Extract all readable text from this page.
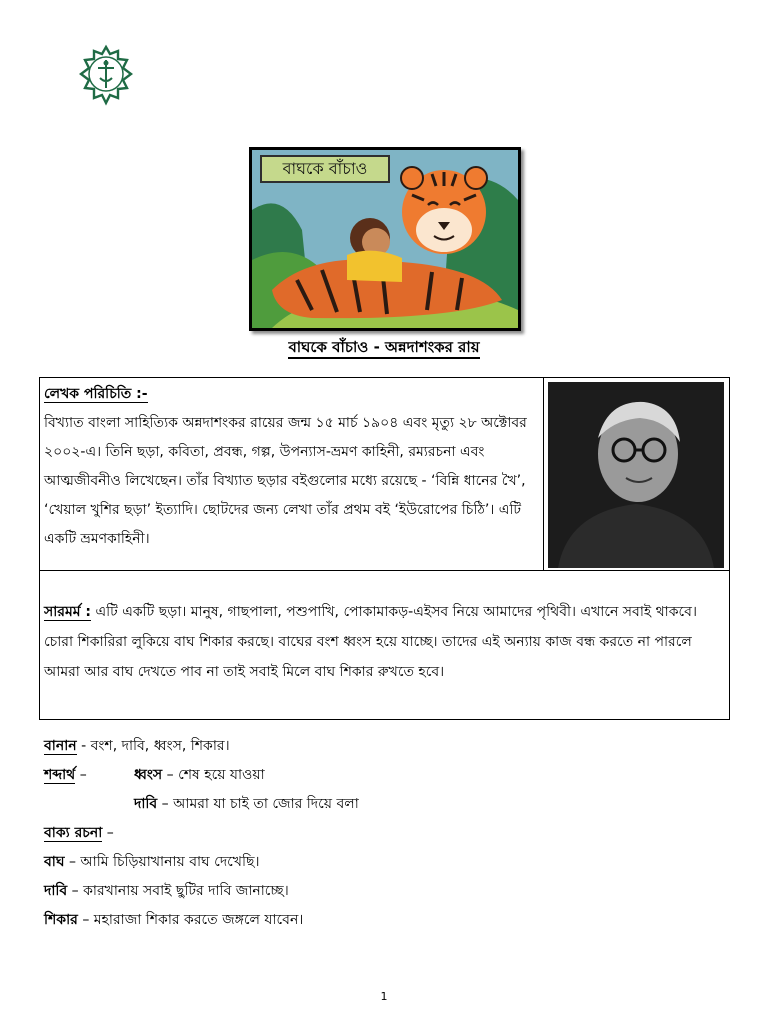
বাঘকে বাঁচাও
বাঘকে বাঁচাও - অন্নদাশংকর রায়
লেখক পরিচিতি :-
বিখ্যাত বাংলা সাহিত্যিক অন্নদাশংকর রায়ের জন্ম ১৫ মার্চ ১৯০৪ এবং মৃত্যু ২৮ অক্টোবর ২০০২-এ। তিনি ছড়া, কবিতা, প্রবন্ধ, গল্প, উপন্যাস-ভ্রমণ কাহিনী, রম্যরচনা এবং আত্মজীবনীও লিখেছেন। তাঁর বিখ্যাত ছড়ার বইগুলোর মধ্যে রয়েছে - ‘বিন্নি ধানের খৈ’, ‘খেয়াল খুশির ছড়া’ ইত্যাদি। ছোটদের জন্য লেখা তাঁর প্রথম বই ‘ইউরোপের চিঠি’। এটি একটি ভ্রমণকাহিনী।
সারমর্ম : এটি একটি ছড়া। মানুষ, গাছপালা, পশুপাখি, পোকামাকড়-এইসব নিয়ে আমাদের পৃথিবী। এখানে সবাই থাকবে। চোরা শিকারিরা লুকিয়ে বাঘ শিকার করছে। বাঘের বংশ ধ্বংস হয়ে যাচ্ছে। তাদের এই অন্যায় কাজ বন্ধ করতে না পারলে আমরা আর বাঘ দেখতে পাব না তাই সবাই মিলে বাঘ শিকার রুখতে হবে।
বানান - বংশ, দাবি, ধ্বংস, শিকার।
শব্দার্থ –	ধ্বংস – শেষ হয়ে যাওয়া
দাবি – আমরা যা চাই তা জোর দিয়ে বলা
বাক্য রচনা –
বাঘ – আমি চিড়িয়াখানায় বাঘ দেখেছি।
দাবি – কারখানায় সবাই ছুটির দাবি জানাচ্ছে।
শিকার – মহারাজা শিকার করতে জঙ্গলে যাবেন।
1
